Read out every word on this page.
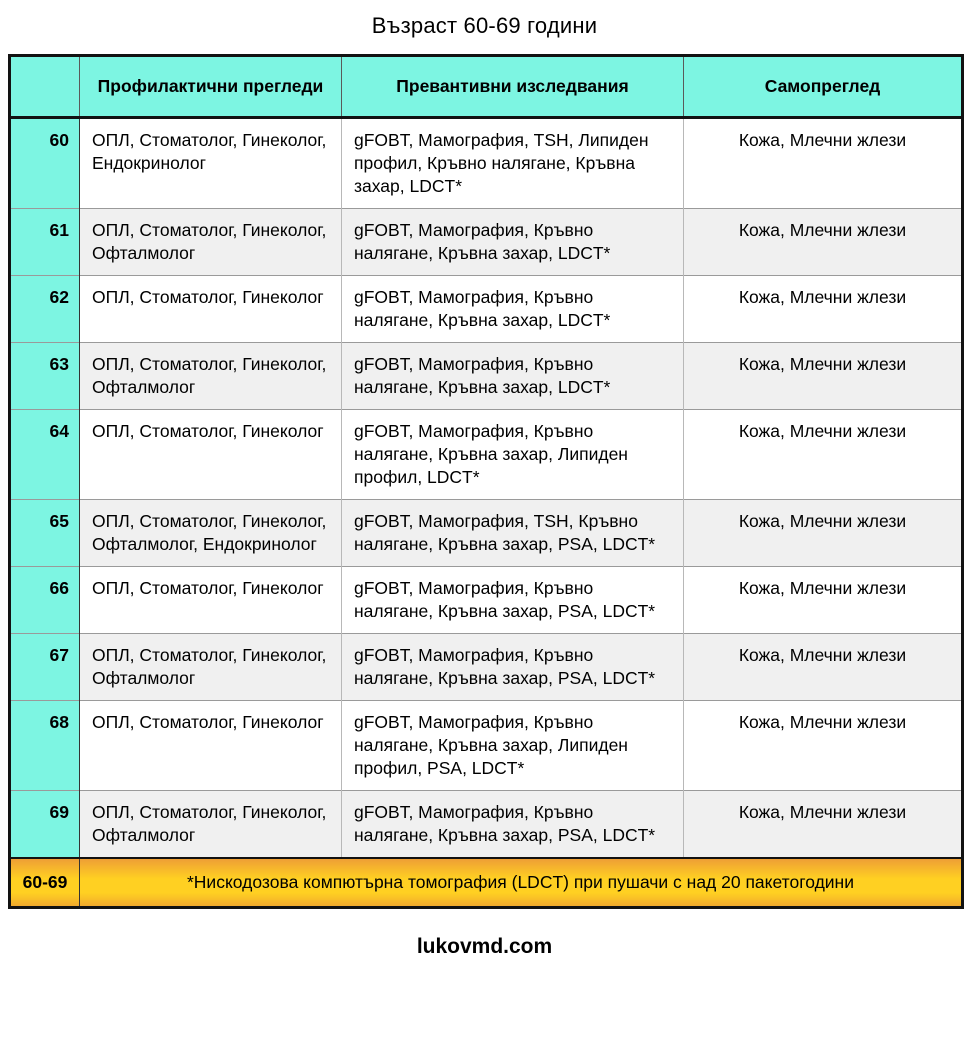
Възраст 60-69 години
	Профилактични прегледи	Превантивни изследвания	Самопреглед
60	ОПЛ, Стоматолог, Гинеколог, Ендокринолог	gFOBT, Мамография, TSH, Липиден профил, Кръвно налягане, Кръвна захар, LDCT*	Кожа, Млечни жлези
61	ОПЛ, Стоматолог, Гинеколог, Офталмолог	gFOBT, Мамография, Кръвно налягане, Кръвна захар, LDCT*	Кожа, Млечни жлези
62	ОПЛ, Стоматолог, Гинеколог	gFOBT, Мамография, Кръвно налягане, Кръвна захар, LDCT*	Кожа, Млечни жлези
63	ОПЛ, Стоматолог, Гинеколог, Офталмолог	gFOBT, Мамография, Кръвно налягане, Кръвна захар, LDCT*	Кожа, Млечни жлези
64	ОПЛ, Стоматолог, Гинеколог	gFOBT, Мамография, Кръвно налягане, Кръвна захар, Липиден профил, LDCT*	Кожа, Млечни жлези
65	ОПЛ, Стоматолог, Гинеколог, Офталмолог, Ендокринолог	gFOBT, Мамография, TSH, Кръвно налягане, Кръвна захар, PSA, LDCT*	Кожа, Млечни жлези
66	ОПЛ, Стоматолог, Гинеколог	gFOBT, Мамография, Кръвно налягане, Кръвна захар, PSA, LDCT*	Кожа, Млечни жлези
67	ОПЛ, Стоматолог, Гинеколог, Офталмолог	gFOBT, Мамография, Кръвно налягане, Кръвна захар, PSA, LDCT*	Кожа, Млечни жлези
68	ОПЛ, Стоматолог, Гинеколог	gFOBT, Мамография, Кръвно налягане, Кръвна захар, Липиден профил, PSA, LDCT*	Кожа, Млечни жлези
69	ОПЛ, Стоматолог, Гинеколог, Офталмолог	gFOBT, Мамография, Кръвно налягане, Кръвна захар, PSA, LDCT*	Кожа, Млечни жлези
60-69	*Нискодозова компютърна томография (LDCT) при пушачи с над 20 пакетогодини		
lukovmd.com
